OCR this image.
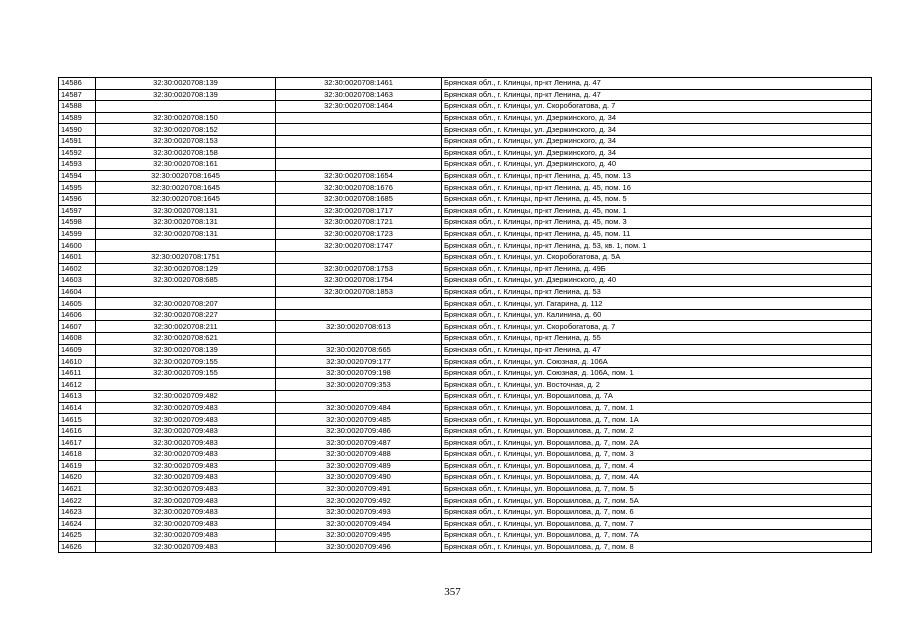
14586	32:30:0020708:139	32:30:0020708:1461	Брянская обл., г. Клинцы, пр-кт Ленина, д. 47
14587	32:30:0020708:139	32:30:0020708:1463	Брянская обл., г. Клинцы, пр-кт Ленина, д. 47
14588		32:30:0020708:1464	Брянская обл., г. Клинцы, ул. Скоробогатова, д. 7
14589	32:30:0020708:150		Брянская обл., г. Клинцы, ул. Дзержинского, д. 34
14590	32:30:0020708:152		Брянская обл., г. Клинцы, ул. Дзержинского, д. 34
14591	32:30:0020708:153		Брянская обл., г. Клинцы, ул. Дзержинского, д. 34
14592	32:30:0020708:158		Брянская обл., г. Клинцы, ул. Дзержинского, д. 34
14593	32:30:0020708:161		Брянская обл., г. Клинцы, ул. Дзержинского, д. 40
14594	32:30:0020708:1645	32:30:0020708:1654	Брянская обл., г. Клинцы, пр-кт Ленина, д. 45, пом. 13
14595	32:30:0020708:1645	32:30:0020708:1676	Брянская обл., г. Клинцы, пр-кт Ленина, д. 45, пом. 16
14596	32:30:0020708:1645	32:30:0020708:1685	Брянская обл., г. Клинцы, пр-кт Ленина, д. 45, пом. 5
14597	32:30:0020708:131	32:30:0020708:1717	Брянская обл., г. Клинцы, пр-кт Ленина, д. 45, пом. 1
14598	32:30:0020708:131	32:30:0020708:1721	Брянская обл., г. Клинцы, пр-кт Ленина, д. 45, пом. 3
14599	32:30:0020708:131	32:30:0020708:1723	Брянская обл., г. Клинцы, пр-кт Ленина, д. 45, пом. 11
14600		32:30:0020708:1747	Брянская обл., г. Клинцы, пр-кт Ленина, д. 53, кв. 1, пом. 1
14601	32:30:0020708:1751		Брянская обл., г. Клинцы, ул. Скоробогатова, д. 5А
14602	32:30:0020708:129	32:30:0020708:1753	Брянская обл., г. Клинцы, пр-кт Ленина, д. 49Б
14603	32:30:0020708:685	32:30:0020708:1754	Брянская обл., г. Клинцы, ул. Дзержинского, д. 40
14604		32:30:0020708:1853	Брянская обл., г. Клинцы, пр-кт Ленина, д. 53
14605	32:30:0020708:207		Брянская обл., г. Клинцы, ул. Гагарина, д. 112
14606	32:30:0020708:227		Брянская обл., г. Клинцы, ул. Калинина, д. 60
14607	32:30:0020708:211	32:30:0020708:613	Брянская обл., г. Клинцы, ул. Скоробогатова, д. 7
14608	32:30:0020708:621		Брянская обл., г. Клинцы, пр-кт Ленина, д. 55
14609	32:30:0020708:139	32:30:0020708:665	Брянская обл., г. Клинцы, пр-кт Ленина, д. 47
14610	32:30:0020709:155	32:30:0020709:177	Брянская обл., г. Клинцы, ул. Союзная, д. 106А
14611	32:30:0020709:155	32:30:0020709:198	Брянская обл., г. Клинцы, ул. Союзная, д. 106А, пом. 1
14612		32:30:0020709:353	Брянская обл., г. Клинцы, ул. Восточная, д. 2
14613	32:30:0020709:482		Брянская обл., г. Клинцы, ул. Ворошилова, д. 7А
14614	32:30:0020709:483	32:30:0020709:484	Брянская обл., г. Клинцы, ул. Ворошилова, д. 7, пом. 1
14615	32:30:0020709:483	32:30:0020709:485	Брянская обл., г. Клинцы, ул. Ворошилова, д. 7, пом. 1А
14616	32:30:0020709:483	32:30:0020709:486	Брянская обл., г. Клинцы, ул. Ворошилова, д. 7, пом. 2
14617	32:30:0020709:483	32:30:0020709:487	Брянская обл., г. Клинцы, ул. Ворошилова, д. 7, пом. 2А
14618	32:30:0020709:483	32:30:0020709:488	Брянская обл., г. Клинцы, ул. Ворошилова, д. 7, пом. 3
14619	32:30:0020709:483	32:30:0020709:489	Брянская обл., г. Клинцы, ул. Ворошилова, д. 7, пом. 4
14620	32:30:0020709:483	32:30:0020709:490	Брянская обл., г. Клинцы, ул. Ворошилова, д. 7, пом. 4А
14621	32:30:0020709:483	32:30:0020709:491	Брянская обл., г. Клинцы, ул. Ворошилова, д. 7, пом. 5
14622	32:30:0020709:483	32:30:0020709:492	Брянская обл., г. Клинцы, ул. Ворошилова, д. 7, пом. 5А
14623	32:30:0020709:483	32:30:0020709:493	Брянская обл., г. Клинцы, ул. Ворошилова, д. 7, пом. 6
14624	32:30:0020709:483	32:30:0020709:494	Брянская обл., г. Клинцы, ул. Ворошилова, д. 7, пом. 7
14625	32:30:0020709:483	32:30:0020709:495	Брянская обл., г. Клинцы, ул. Ворошилова, д. 7, пом. 7А
14626	32:30:0020709:483	32:30:0020709:496	Брянская обл., г. Клинцы, ул. Ворошилова, д. 7, пом. 8
357
